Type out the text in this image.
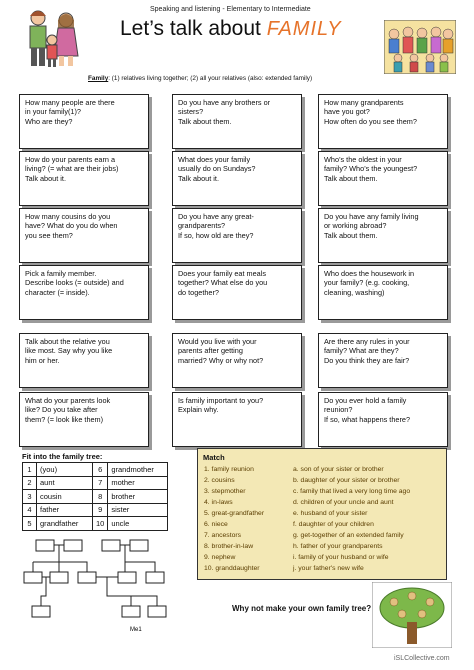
Speaking and listening - Elementary to Intermediate
Let’s talk about FAMILY
Family: (1) relatives living together; (2) all your relatives (also: extended family)
How many people are there
in your family(1)?
Who are they?
Do you have any brothers or
sisters?
Talk about them.
How many grandparents
have you got?
How often do you see them?
How do your parents earn a
living? (= what are their jobs)
Talk about it.
What does your family
usually do on Sundays?
Talk about it.
Who’s the oldest in your
family? Who’s the youngest?
Talk about them.
How many cousins do you
have? What do you do when
you see them?
Do you have any great-
grandparents?
If so, how old are they?
Do you have any family living
or working abroad?
Talk about them.
Pick a family member.
Describe looks (= outside) and
character (= inside).
Does your family eat meals
together? What else do you
do together?
Who does the housework in
your family? (e.g. cooking,
cleaning, washing)
Talk about the relative you
like most. Say why you like
him or her.
Would you live with your
parents after getting
married? Why or why not?
Are there any rules in your
family? What are they?
Do you think they are fair?
What do your parents look
like? Do you take after
them? (= look like them)
Is family important to you?
Explain why.
Do you ever hold a family
reunion?
If so, what happens there?
Fit into the family tree:
1	(you)	6	grandmother
2	aunt	7	mother
3	cousin	8	brother
4	father	9	sister
5	grandfather	10	uncle
Me1
Match
1. family reunion
2. cousins
3. stepmother
4. in-laws
5. great-grandfather
6. niece
7. ancestors
8. brother-in-law
9. nephew
10. granddaughter
a. son of your sister or brother
b. daughter of your sister or brother
c. family that lived a very long time ago
d. children of your uncle and aunt
e. husband of your sister
f. daughter of your children
g. get-together of an extended family
h. father of your grandparents
i. family of your husband or wife
j. your father's new wife
Why not make your own family tree?
iSLCollective.com
